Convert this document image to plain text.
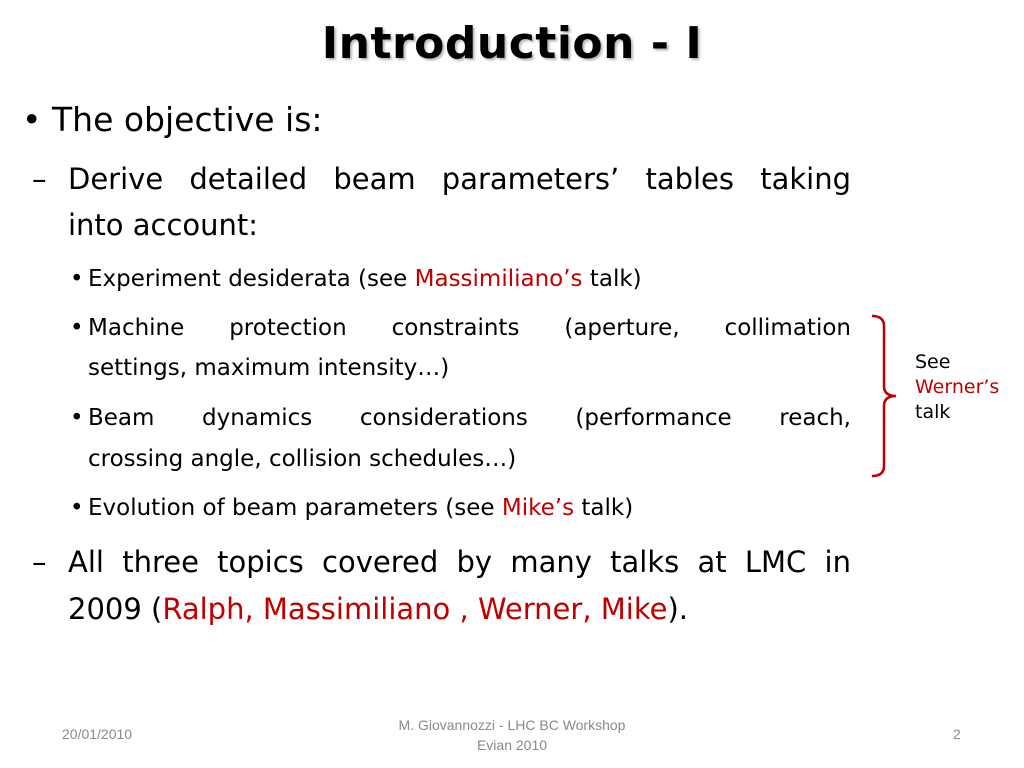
Introduction - I
• The objective is:
– Derive detailed beam parameters’ tables taking
into account:
• Experiment desiderata (see Massimiliano’s talk)
• Machine protection constraints (aperture, collimation
settings, maximum intensity…)
• Beam dynamics considerations (performance reach,
crossing angle, collision schedules…)
• Evolution of beam parameters (see Mike’s talk)
– All three topics covered by many talks at LMC in
2009 (Ralph, Massimiliano , Werner, Mike).
See
Werner’s
talk
20/01/2010
M. Giovannozzi - LHC BC Workshop
Evian 2010
2
